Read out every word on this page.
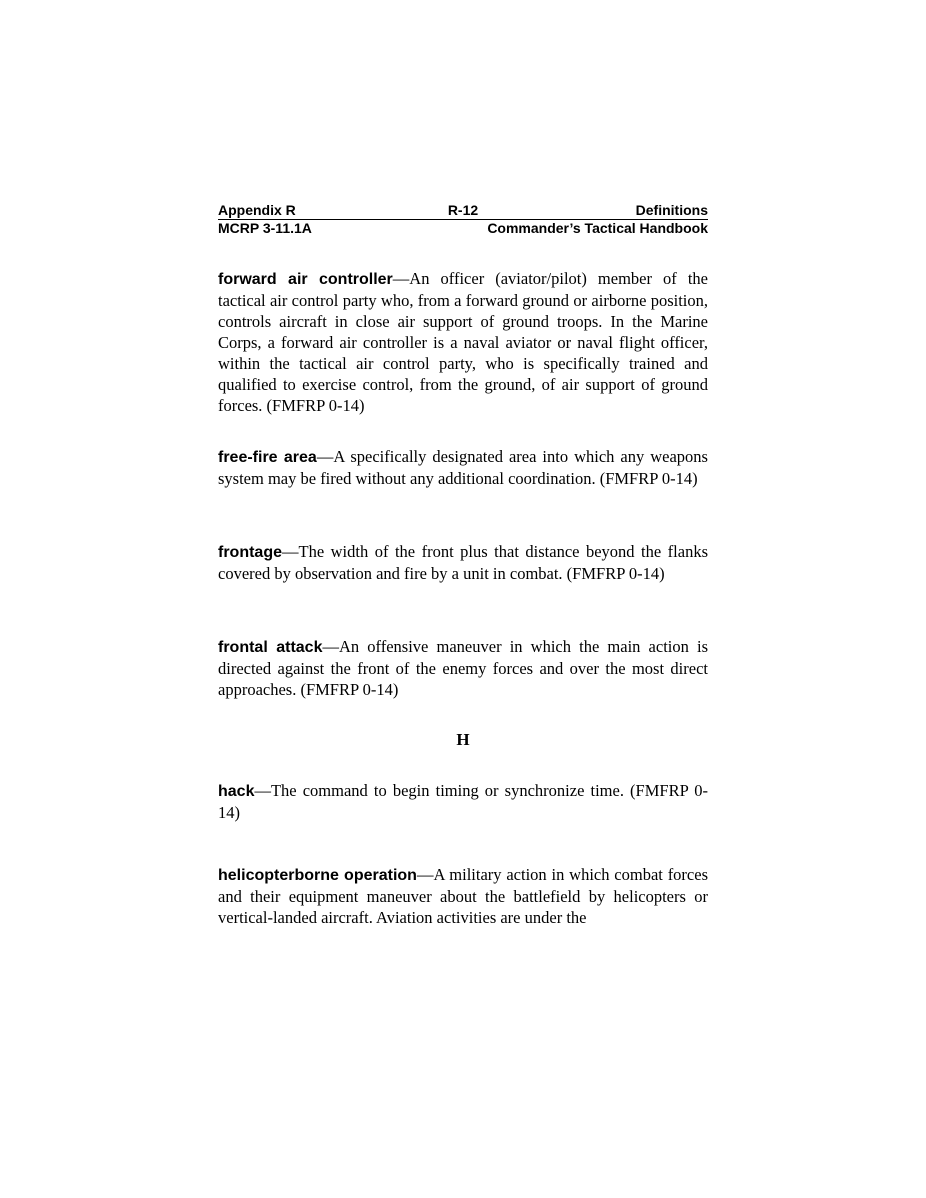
Appendix R	R-12	Definitions
MCRP 3-11.1A	Commander’s Tactical Handbook

forward air controller—An officer (aviator/pilot) member of the tactical air control party who, from a forward ground or airborne position, controls aircraft in close air support of ground troops. In the Marine Corps, a forward air controller is a naval aviator or naval flight officer, within the tactical air control party, who is specifically trained and qualified to exercise control, from the ground, of air support of ground forces. (FMFRP 0-14)

free-fire area—A specifically designated area into which any weapons system may be fired without any additional coordination. (FMFRP 0-14)

frontage—The width of the front plus that distance beyond the flanks covered by observation and fire by a unit in combat. (FMFRP 0-14)

frontal attack—An offensive maneuver in which the main action is directed against the front of the enemy forces and over the most direct approaches. (FMFRP 0-14)

H

hack—The command to begin timing or synchronize time. (FMFRP 0-14)

helicopterborne operation—A military action in which combat forces and their equipment maneuver about the battlefield by helicopters or vertical-landed aircraft. Aviation activities are under the
